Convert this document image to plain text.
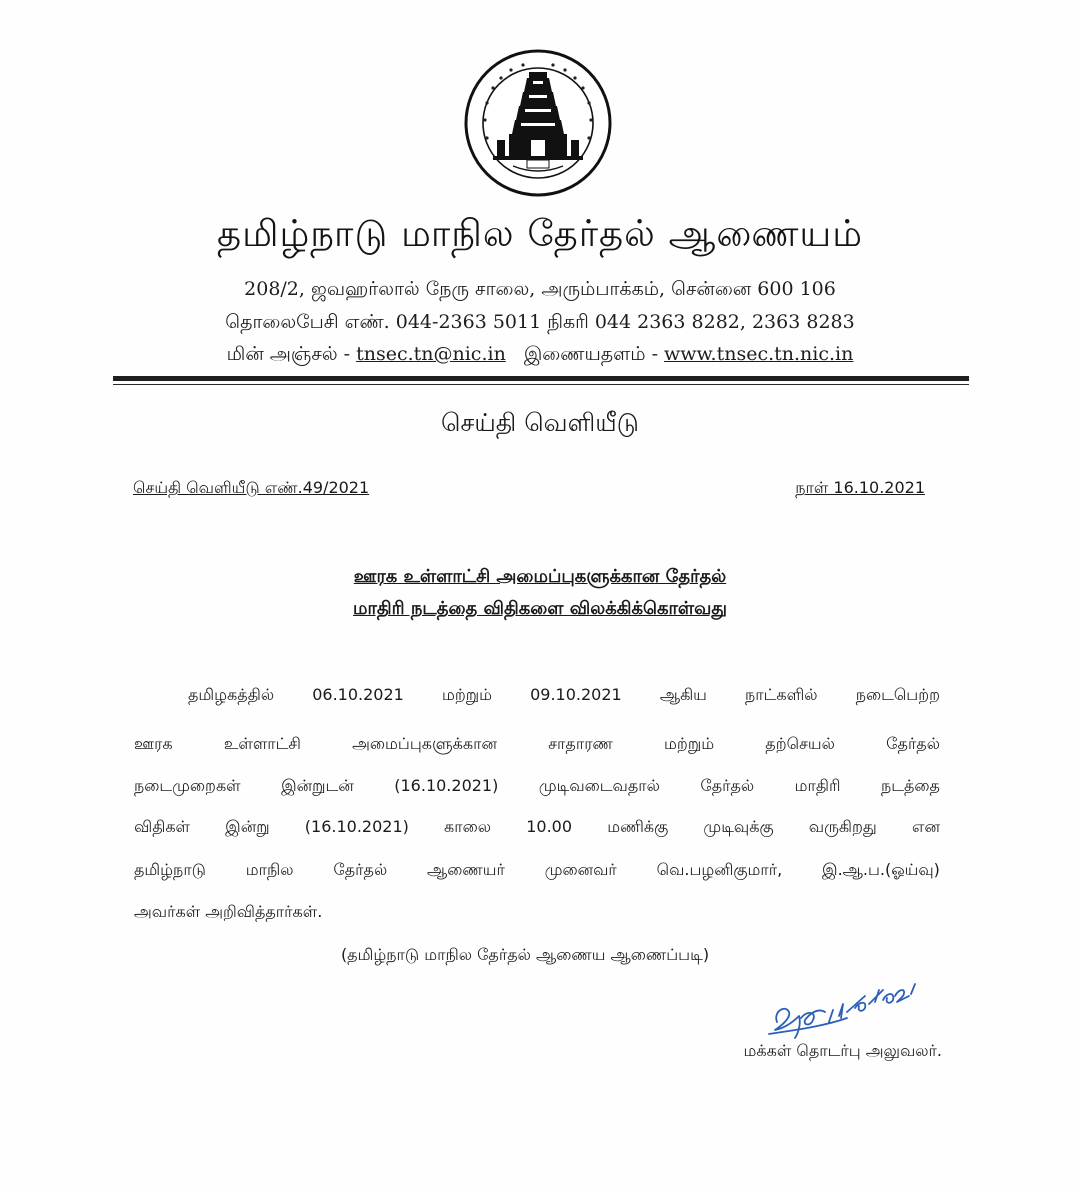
தமிழ்நாடு மாநில தேர்தல் ஆணையம்
208/2, ஜவஹர்லால் நேரு சாலை, அரும்பாக்கம், சென்னை 600 106
தொலைபேசி எண். 044-2363 5011 நிகரி 044 2363 8282, 2363 8283
மின் அஞ்சல் - tnsec.tn@nic.in இணையதளம் - www.tnsec.tn.nic.in
செய்தி வெளியீடு
செய்தி வெளியீடு எண்.49/2021	நாள் 16.10.2021
ஊரக உள்ளாட்சி அமைப்புகளுக்கான தேர்தல்
மாதிரி நடத்தை விதிகளை விலக்கிக்கொள்வது
தமிழகத்தில் 06.10.2021 மற்றும் 09.10.2021 ஆகிய நாட்களில் நடைபெற்ற
ஊரக	உள்ளாட்சி	அமைப்புகளுக்கான	சாதாரண	மற்றும்	தற்செயல்	தேர்தல்
நடைமுறைகள்	இன்றுடன்	(16.10.2021)	முடிவடைவதால்	தேர்தல்	மாதிரி	நடத்தை
விதிகள் இன்று (16.10.2021) காலை 10.00 மணிக்கு முடிவுக்கு வருகிறது என
தமிழ்நாடு மாநில தேர்தல் ஆணையர் முனைவர் வெ.பழனிகுமார், இ.ஆ.ப.(ஓய்வு)
அவர்கள் அறிவித்தார்கள்.
(தமிழ்நாடு மாநில தேர்தல் ஆணைய ஆணைப்படி)
மக்கள் தொடர்பு அலுவலர்.
